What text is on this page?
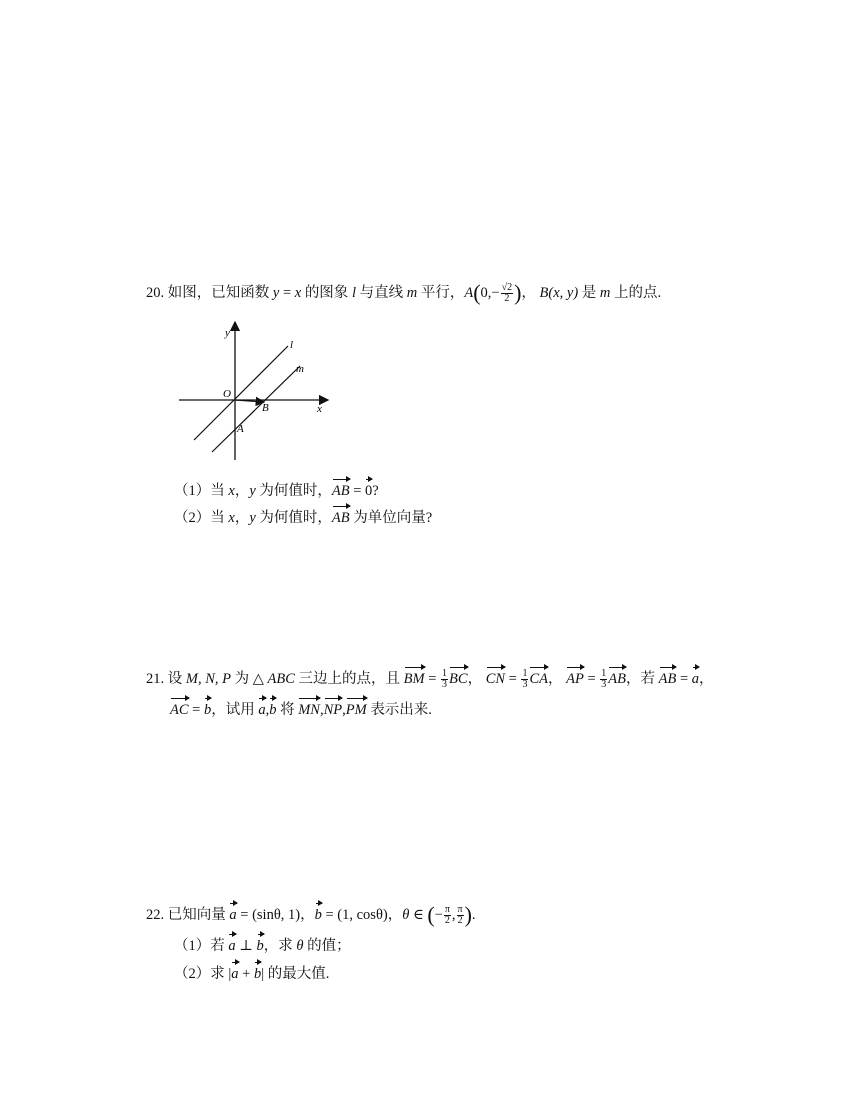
20. 如图，已知函数 y = x 的图象 l 与直线 m 平行，$A(0,- \frac{√2}{2}$ )， B(x, y) 是 m 上的点.
y
x
O
l
m
A
B
（1）当 x，y 为何值时，AB = 0?
（2）当 x，y 为何值时，AB 为单位向量?
21. 设 M, N, P 为 △ ABC 三边上的点，且 BM = $\frac{1}{3}$ BC， CN = $\frac{1}{3}$ CA， AP = $\frac{1}{3}$ AB，若 AB = a，
AC = b，试用 a,b 将 MN,NP,PM 表示出来.
22. 已知向量 a = (sinθ, 1)，b = (1, cosθ)，θ ∈ (− $\frac{\pi}{2}$ , $\frac{\pi}{2}$ ).
（1）若 a ⊥ b，求 θ 的值；
（2）求 |a + b| 的最大值.
